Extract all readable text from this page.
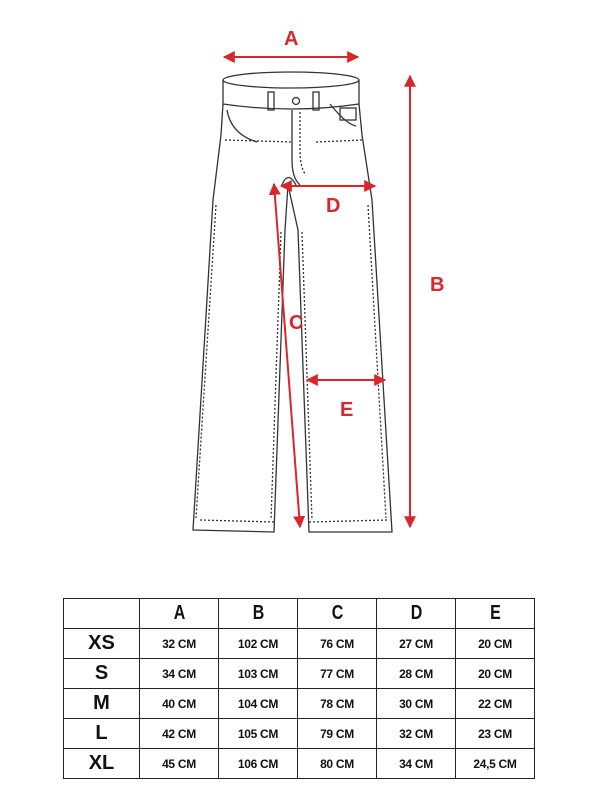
A
B
C
D
E
	A	B	C	D	E
XS	32 CM	102 CM	76 CM	27 CM	20 CM
S	34 CM	103 CM	77 CM	28 CM	20 CM
M	40 CM	104 CM	78 CM	30 CM	22 CM
L	42 CM	105 CM	79 CM	32 CM	23 CM
XL	45 CM	106 CM	80 CM	34 CM	24,5 CM
